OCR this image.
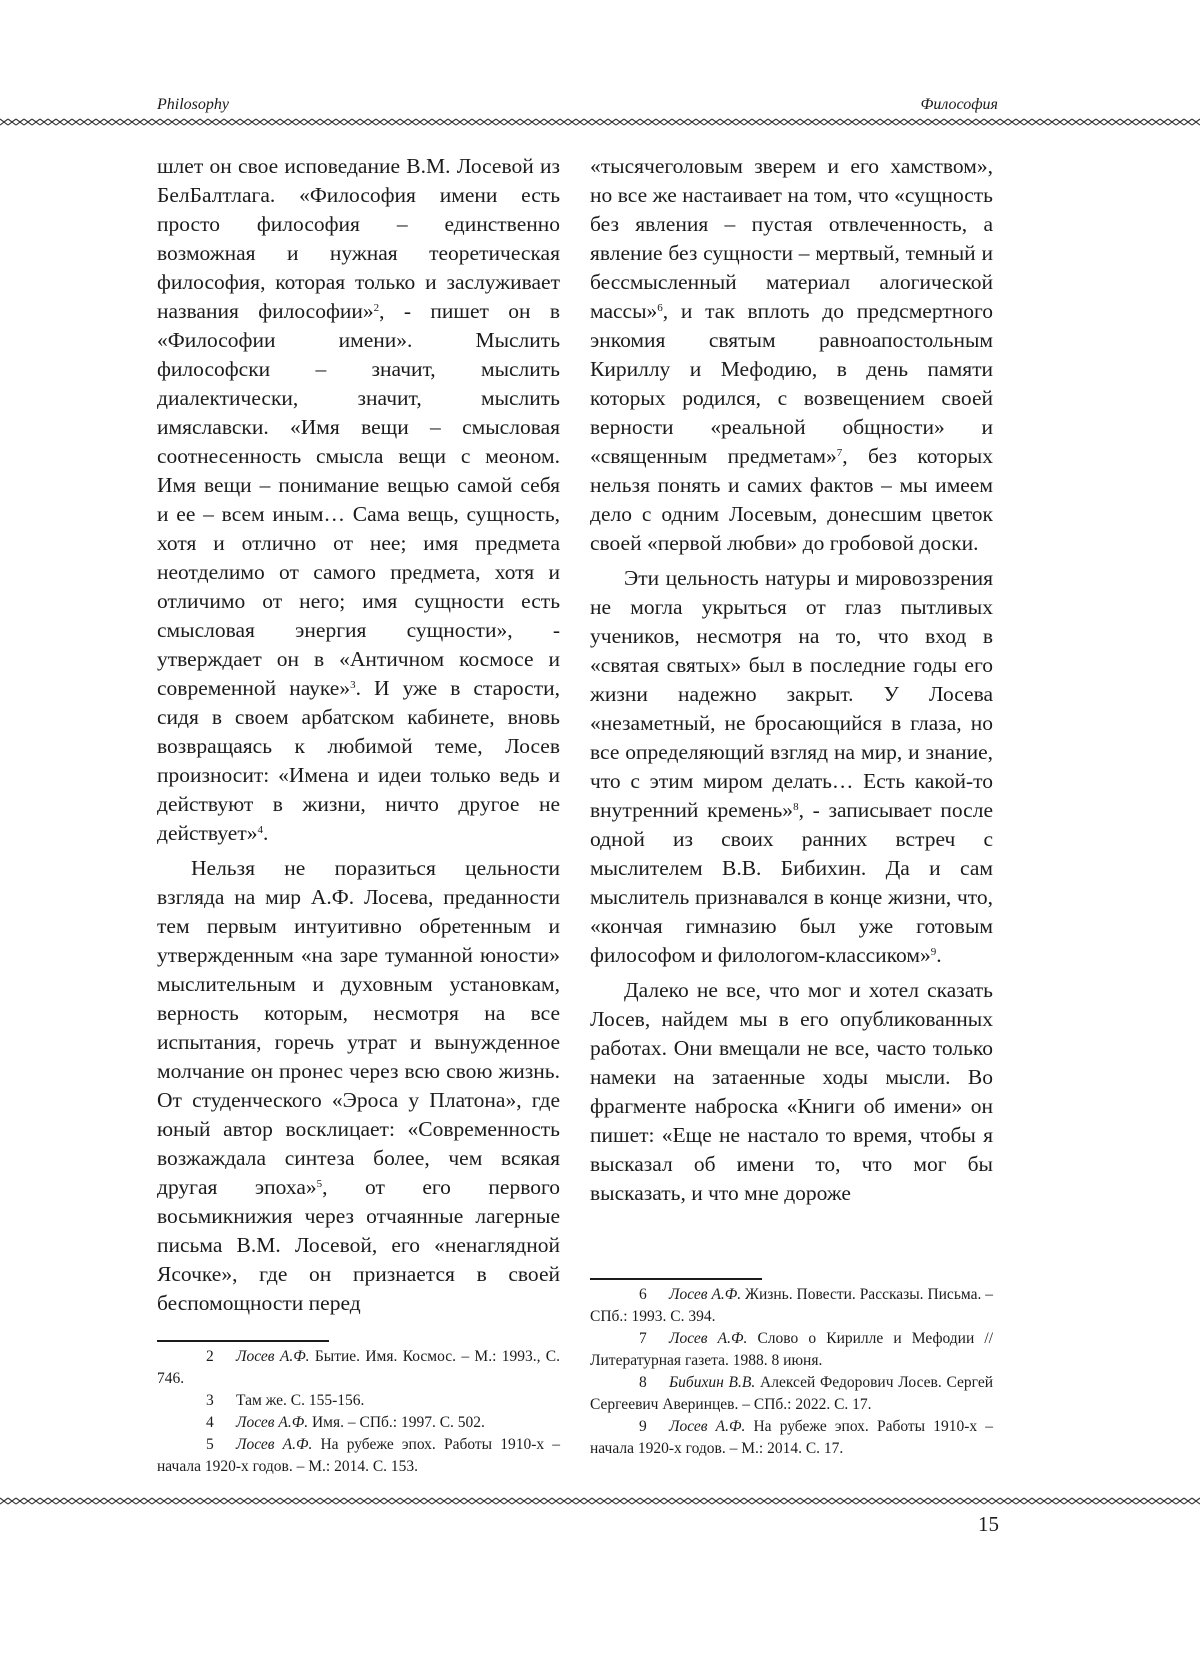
Philosophy	Философия

шлет он свое исповедание В.М. Лосевой из БелБалтлага. «Философия имени есть просто философия – единственно возможная и нужная теоретическая философия, которая только и заслуживает названия философии»$^2$, - пишет он в «Философии имени». Мыслить философски – значит, мыслить диалектически, значит, мыслить имяславски. «Имя вещи – смысловая соотнесенность смысла вещи с меоном. Имя вещи – понимание вещью самой себя и ее – всем иным… Сама вещь, сущность, хотя и отлично от нее; имя предмета неотделимо от самого предмета, хотя и отличимо от него; имя сущности есть смысловая энергия сущности», - утверждает он в «Античном космосе и современной науке»$^3$. И уже в старости, сидя в своем арбатском кабинете, вновь возвращаясь к любимой теме, Лосев произносит: «Имена и идеи только ведь и действуют в жизни, ничто другое не действует»$^4$.

Нельзя не поразиться цельности взгляда на мир А.Ф. Лосева, преданности тем первым интуитивно обретенным и утвержденным «на заре туманной юности» мыслительным и духовным установкам, верность которым, несмотря на все испытания, горечь утрат и вынужденное молчание он пронес через всю свою жизнь. От студенческого «Эроса у Платона», где юный автор восклицает: «Современность возжаждала синтеза более, чем всякая другая эпоха»$^5$, от его первого восьмикнижия через отчаянные лагерные письма В.М. Лосевой, его «ненаглядной Ясочке», где он признается в своей беспомощности перед

«тысячеголовым зверем и его хамством», но все же настаивает на том, что «сущность без явления – пустая отвлеченность, а явление без сущности – мертвый, темный и бессмысленный материал алогической массы»$^6$, и так вплоть до предсмертного энкомия святым равноапостольным Кириллу и Мефодию, в день памяти которых родился, с возвещением своей верности «реальной общности» и «священным предметам»$^7$, без которых нельзя понять и самих фактов – мы имеем дело с одним Лосевым, донесшим цветок своей «первой любви» до гробовой доски.

Эти цельность натуры и мировоззрения не могла укрыться от глаз пытливых учеников, несмотря на то, что вход в «святая святых» был в последние годы его жизни надежно закрыт. У Лосева «незаметный, не бросающийся в глаза, но все определяющий взгляд на мир, и знание, что с этим миром делать… Есть какой-то внутренний кремень»$^8$, - записывает после одной из своих ранних встреч с мыслителем В.В. Бибихин. Да и сам мыслитель признавался в конце жизни, что, «кончая гимназию был уже готовым философом и филологом-классиком»$^9$.

Далеко не все, что мог и хотел сказать Лосев, найдем мы в его опубликованных работах. Они вмещали не все, часто только намеки на затаенные ходы мысли. Во фрагменте наброска «Книги об имени» он пишет: «Еще не настало то время, чтобы я высказал об имени то, что мог бы высказать, и что мне дороже

2 Лосев А.Ф. Бытие. Имя. Космос. – М.: 1993., С. 746.

3 Там же. С. 155-156.

4 Лосев А.Ф. Имя. – СПб.: 1997. С. 502.

5 Лосев А.Ф. На рубеже эпох. Работы 1910-х – начала 1920-х годов. – М.: 2014. С. 153.

6 Лосев А.Ф. Жизнь. Повести. Рассказы. Письма. – СПб.: 1993. С. 394.

7 Лосев А.Ф. Слово о Кирилле и Мефодии // Литературная газета. 1988. 8 июня.

8 Бибихин В.В. Алексей Федорович Лосев. Сергей Сергеевич Аверинцев. – СПб.: 2022. С. 17.

9 Лосев А.Ф. На рубеже эпох. Работы 1910-х – начала 1920-х годов. – М.: 2014. С. 17.

15
